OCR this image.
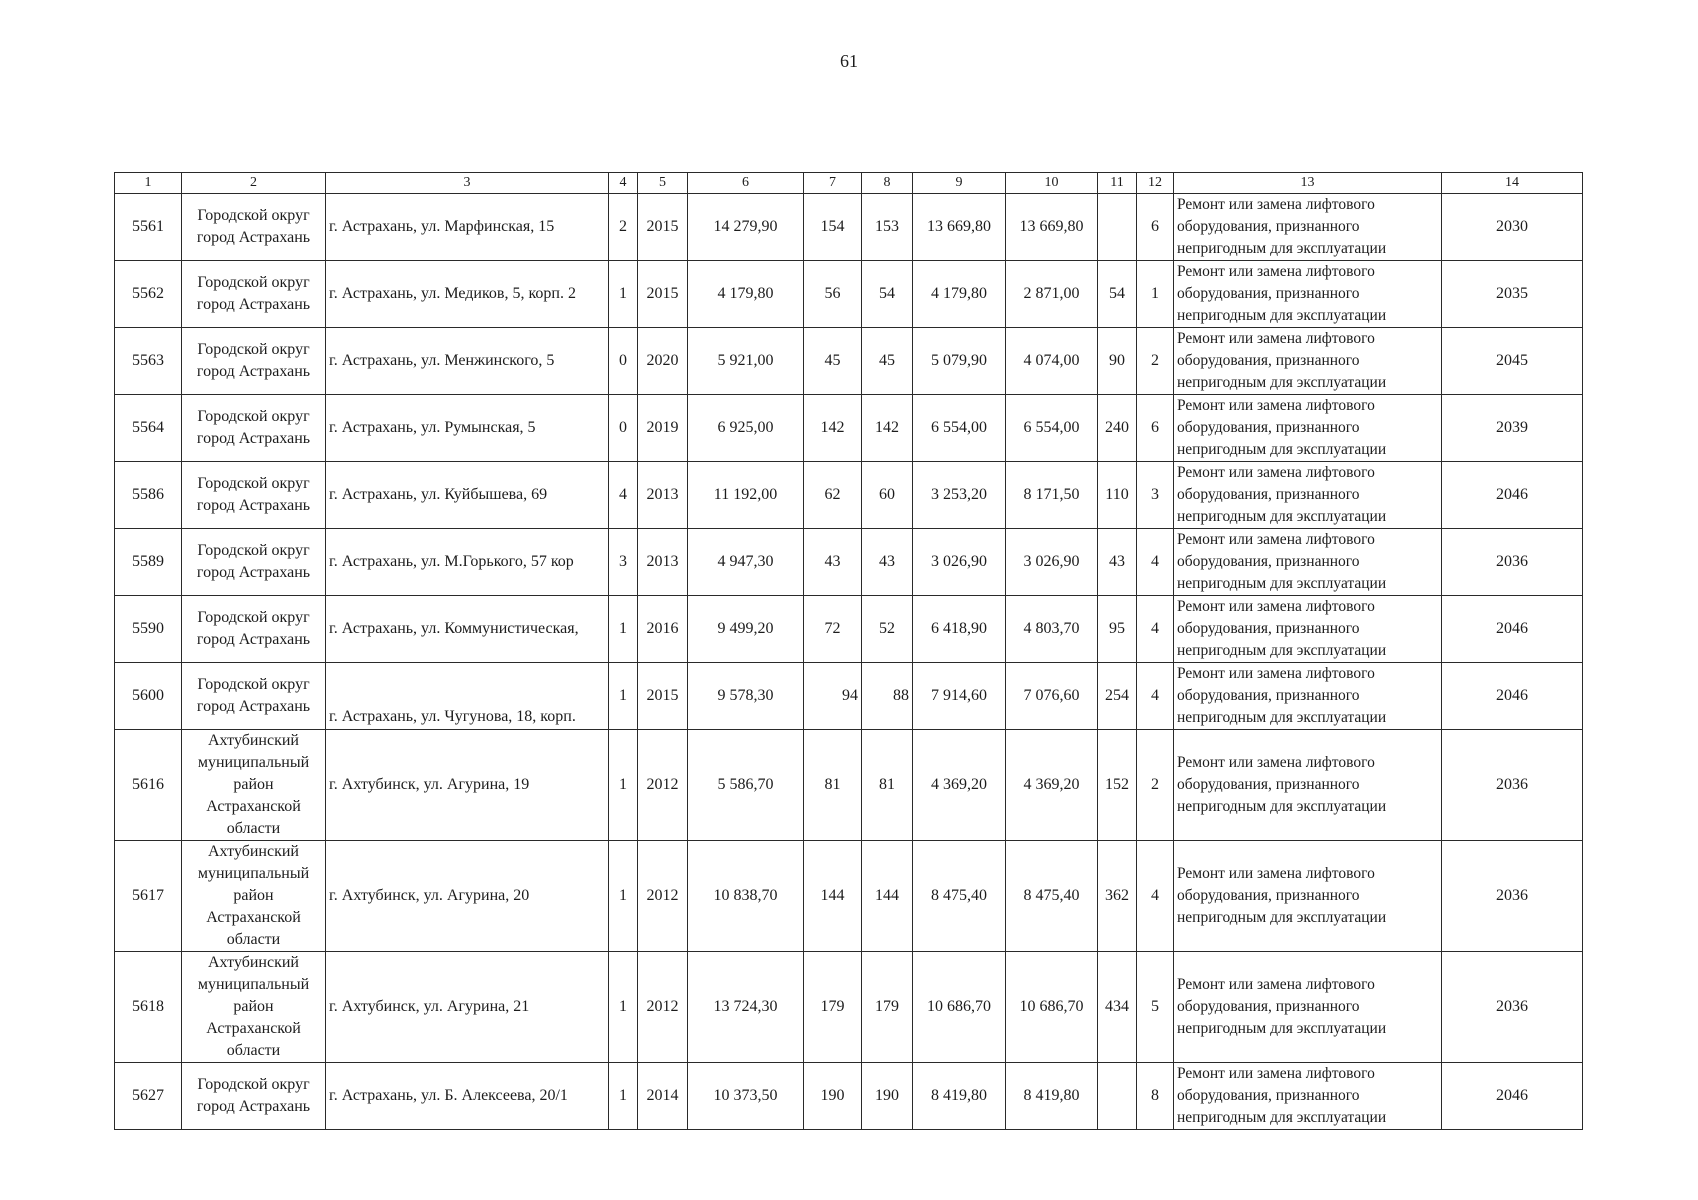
61
1	2	3	4	5	6	7	8	9	10	11	12	13	14
5561	Городской округ город Астрахань	г. Астрахань, ул. Марфинская, 15	2	2015	14 279,90	154	153	13 669,80	13 669,80		6	Ремонт или замена лифтового оборудования, признанного непригодным для эксплуатации	2030
5562	Городской округ город Астрахань	г. Астрахань, ул. Медиков, 5, корп. 2	1	2015	4 179,80	56	54	4 179,80	2 871,00	54	1	Ремонт или замена лифтового оборудования, признанного непригодным для эксплуатации	2035
5563	Городской округ город Астрахань	г. Астрахань, ул. Менжинского, 5	0	2020	5 921,00	45	45	5 079,90	4 074,00	90	2	Ремонт или замена лифтового оборудования, признанного непригодным для эксплуатации	2045
5564	Городской округ город Астрахань	г. Астрахань, ул. Румынская, 5	0	2019	6 925,00	142	142	6 554,00	6 554,00	240	6	Ремонт или замена лифтового оборудования, признанного непригодным для эксплуатации	2039
5586	Городской округ город Астрахань	г. Астрахань, ул. Куйбышева, 69	4	2013	11 192,00	62	60	3 253,20	8 171,50	110	3	Ремонт или замена лифтового оборудования, признанного непригодным для эксплуатации	2046
5589	Городской округ город Астрахань	г. Астрахань, ул. М.Горького, 57 кор	3	2013	4 947,30	43	43	3 026,90	3 026,90	43	4	Ремонт или замена лифтового оборудования, признанного непригодным для эксплуатации	2036
5590	Городской округ город Астрахань	г. Астрахань, ул. Коммунистическая,	1	2016	9 499,20	72	52	6 418,90	4 803,70	95	4	Ремонт или замена лифтового оборудования, признанного непригодным для эксплуатации	2046
5600	Городской округ город Астрахань	г. Астрахань, ул. Чугунова, 18, корп.	1	2015	9 578,30	94	88	7 914,60	7 076,60	254	4	Ремонт или замена лифтового оборудования, признанного непригодным для эксплуатации	2046
5616	Ахтубинский муниципальный район Астраханской области	г. Ахтубинск, ул. Агурина, 19	1	2012	5 586,70	81	81	4 369,20	4 369,20	152	2	Ремонт или замена лифтового оборудования, признанного непригодным для эксплуатации	2036
5617	Ахтубинский муниципальный район Астраханской области	г. Ахтубинск, ул. Агурина, 20	1	2012	10 838,70	144	144	8 475,40	8 475,40	362	4	Ремонт или замена лифтового оборудования, признанного непригодным для эксплуатации	2036
5618	Ахтубинский муниципальный район Астраханской области	г. Ахтубинск, ул. Агурина, 21	1	2012	13 724,30	179	179	10 686,70	10 686,70	434	5	Ремонт или замена лифтового оборудования, признанного непригодным для эксплуатации	2036
5627	Городской округ город Астрахань	г. Астрахань, ул. Б. Алексеева, 20/1	1	2014	10 373,50	190	190	8 419,80	8 419,80		8	Ремонт или замена лифтового оборудования, признанного непригодным для эксплуатации	2046
